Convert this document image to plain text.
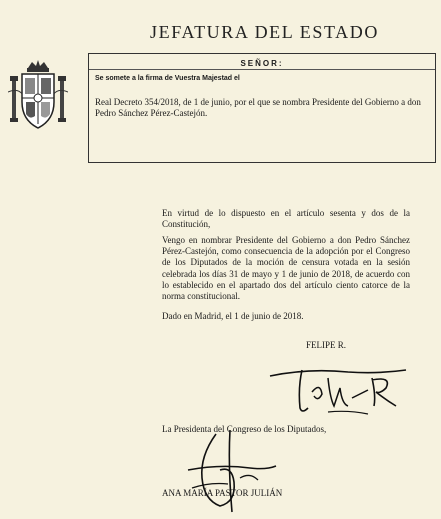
JEFATURA DEL ESTADO
SEÑOR:
Se somete a la firma de Vuestra Majestad el
Real Decreto 354/2018, de 1 de junio, por el que se nombra Presidente del Gobierno a don Pedro Sánchez Pérez-Castejón.
En virtud de lo dispuesto en el artículo sesenta y dos de la Constitución,
Vengo en nombrar Presidente del Gobierno a don Pedro Sánchez Pérez-Castejón, como consecuencia de la adopción por el Congreso de los Diputados de la moción de censura votada en la sesión celebrada los días 31 de mayo y 1 de junio de 2018, de acuerdo con lo establecido en el apartado dos del artículo ciento catorce de la norma constitucional.
Dado en Madrid, el 1 de junio de 2018.
FELIPE R.
La Presidenta del Congreso de los Diputados,
ANA MARÍA PASTOR JULIÁN
